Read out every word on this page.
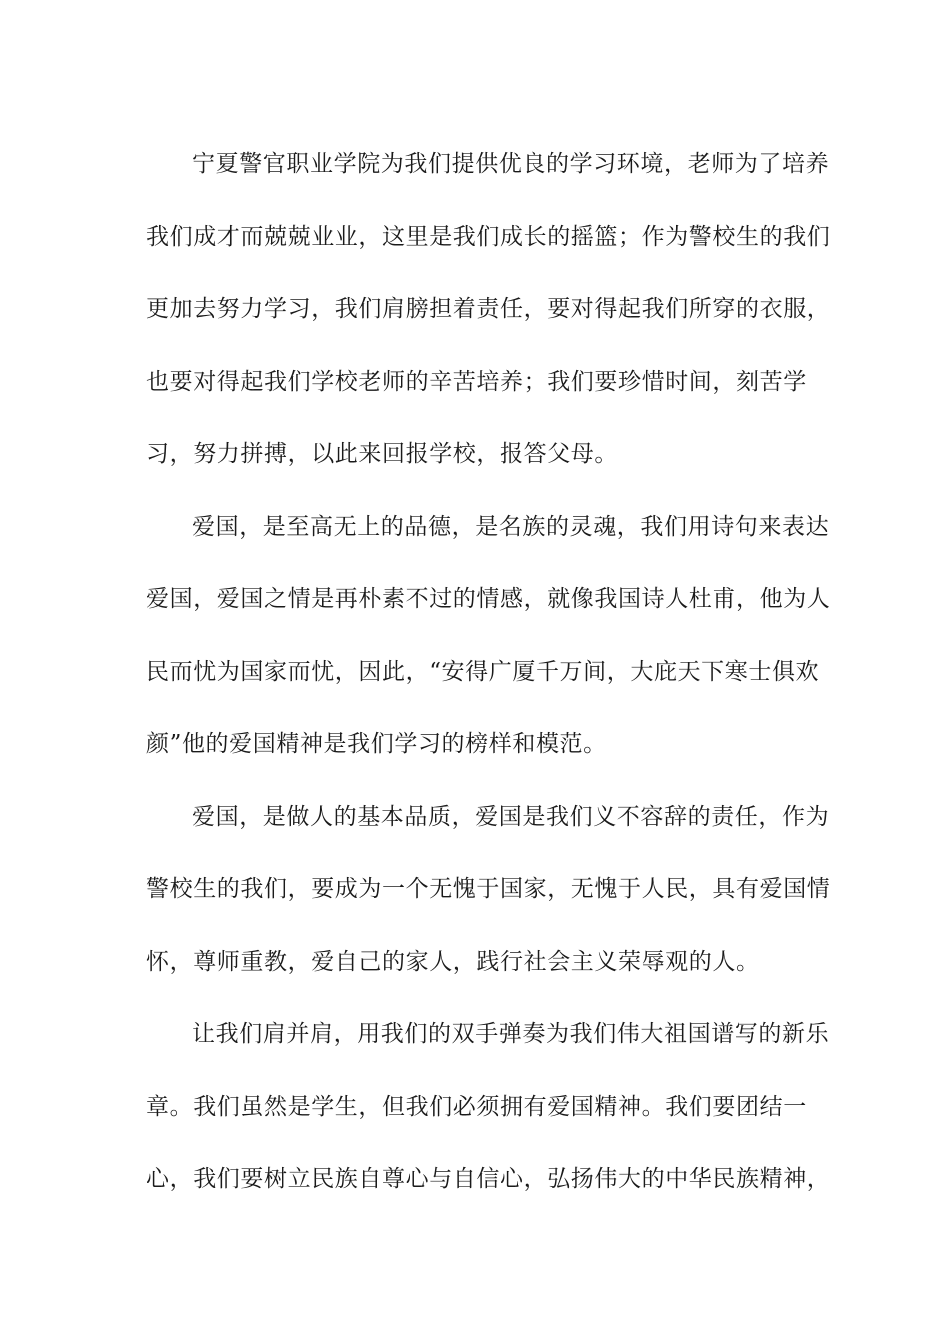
宁夏警官职业学院为我们提供优良的学习环境，老师为了培养
我们成才而兢兢业业，这里是我们成长的摇篮；作为警校生的我们
更加去努力学习，我们肩膀担着责任，要对得起我们所穿的衣服，
也要对得起我们学校老师的辛苦培养；我们要珍惜时间，刻苦学
习，努力拼搏，以此来回报学校，报答父母。

爱国，是至高无上的品德，是名族的灵魂，我们用诗句来表达
爱国，爱国之情是再朴素不过的情感，就像我国诗人杜甫，他为人
民而忧为国家而忧，因此，“安得广厦千万间，大庇天下寒士俱欢
颜”他的爱国精神是我们学习的榜样和模范。

爱国，是做人的基本品质，爱国是我们义不容辞的责任，作为
警校生的我们，要成为一个无愧于国家，无愧于人民，具有爱国情
怀，尊师重教，爱自己的家人，践行社会主义荣辱观的人。

让我们肩并肩，用我们的双手弹奏为我们伟大祖国谱写的新乐
章。我们虽然是学生，但我们必须拥有爱国精神。我们要团结一
心，我们要树立民族自尊心与自信心，弘扬伟大的中华民族精神，
